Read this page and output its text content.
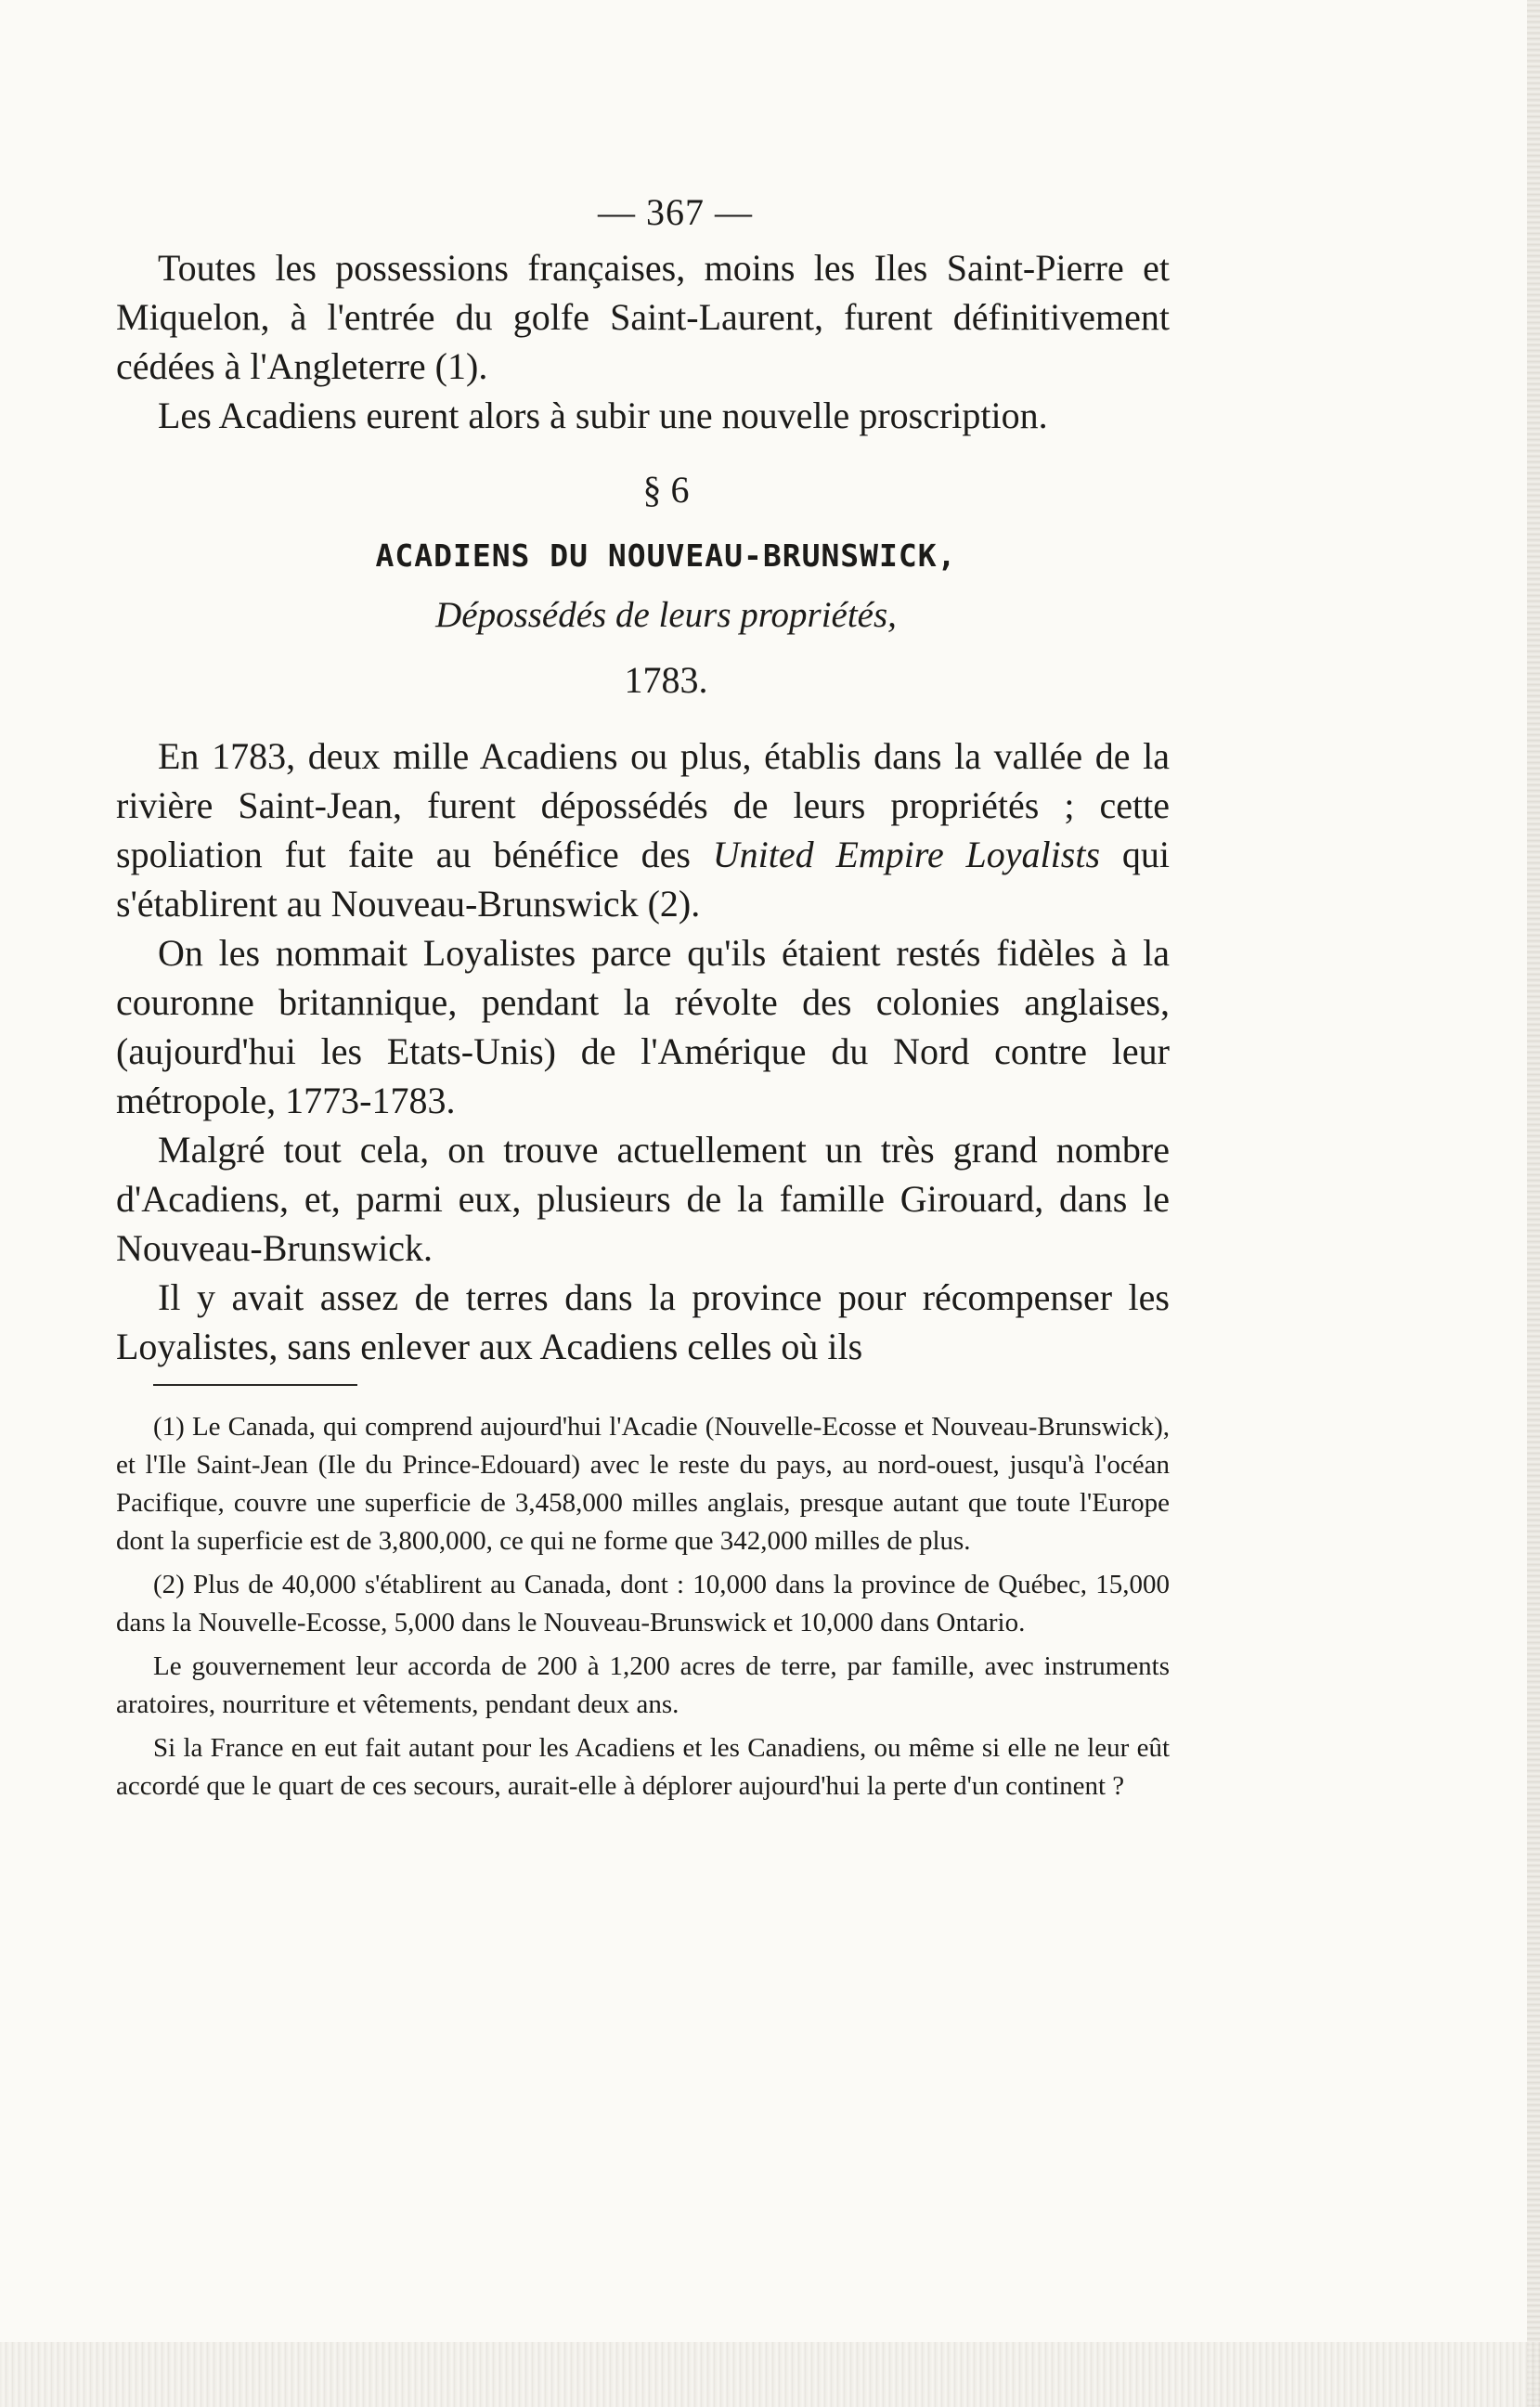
— 367 —

Toutes les possessions françaises, moins les Iles Saint-Pierre et Miquelon, à l'entrée du golfe Saint-Laurent, furent définitivement cédées à l'Angleterre (1).

Les Acadiens eurent alors à subir une nouvelle proscription.

§ 6
ACADIENS DU NOUVEAU-BRUNSWICK,
Dépossédés de leurs propriétés,
1783.

En 1783, deux mille Acadiens ou plus, établis dans la vallée de la rivière Saint-Jean, furent dépossédés de leurs propriétés ; cette spoliation fut faite au bénéfice des United Empire Loyalists qui s'établirent au Nouveau-Brunswick (2).

On les nommait Loyalistes parce qu'ils étaient restés fidèles à la couronne britannique, pendant la révolte des colonies anglaises, (aujourd'hui les Etats-Unis) de l'Amérique du Nord contre leur métropole, 1773-1783.

Malgré tout cela, on trouve actuellement un très grand nombre d'Acadiens, et, parmi eux, plusieurs de la famille Girouard, dans le Nouveau-Brunswick.

Il y avait assez de terres dans la province pour récompenser les Loyalistes, sans enlever aux Acadiens celles où ils

(1) Le Canada, qui comprend aujourd'hui l'Acadie (Nouvelle-Ecosse et Nouveau-Brunswick), et l'Ile Saint-Jean (Ile du Prince-Edouard) avec le reste du pays, au nord-ouest, jusqu'à l'océan Pacifique, couvre une superficie de 3,458,000 milles anglais, presque autant que toute l'Europe dont la superficie est de 3,800,000, ce qui ne forme que 342,000 milles de plus.

(2) Plus de 40,000 s'établirent au Canada, dont : 10,000 dans la province de Québec, 15,000 dans la Nouvelle-Ecosse, 5,000 dans le Nouveau-Brunswick et 10,000 dans Ontario.

Le gouvernement leur accorda de 200 à 1,200 acres de terre, par famille, avec instruments aratoires, nourriture et vêtements, pendant deux ans.

Si la France en eut fait autant pour les Acadiens et les Canadiens, ou même si elle ne leur eût accordé que le quart de ces secours, aurait-elle à déplorer aujourd'hui la perte d'un continent ?
